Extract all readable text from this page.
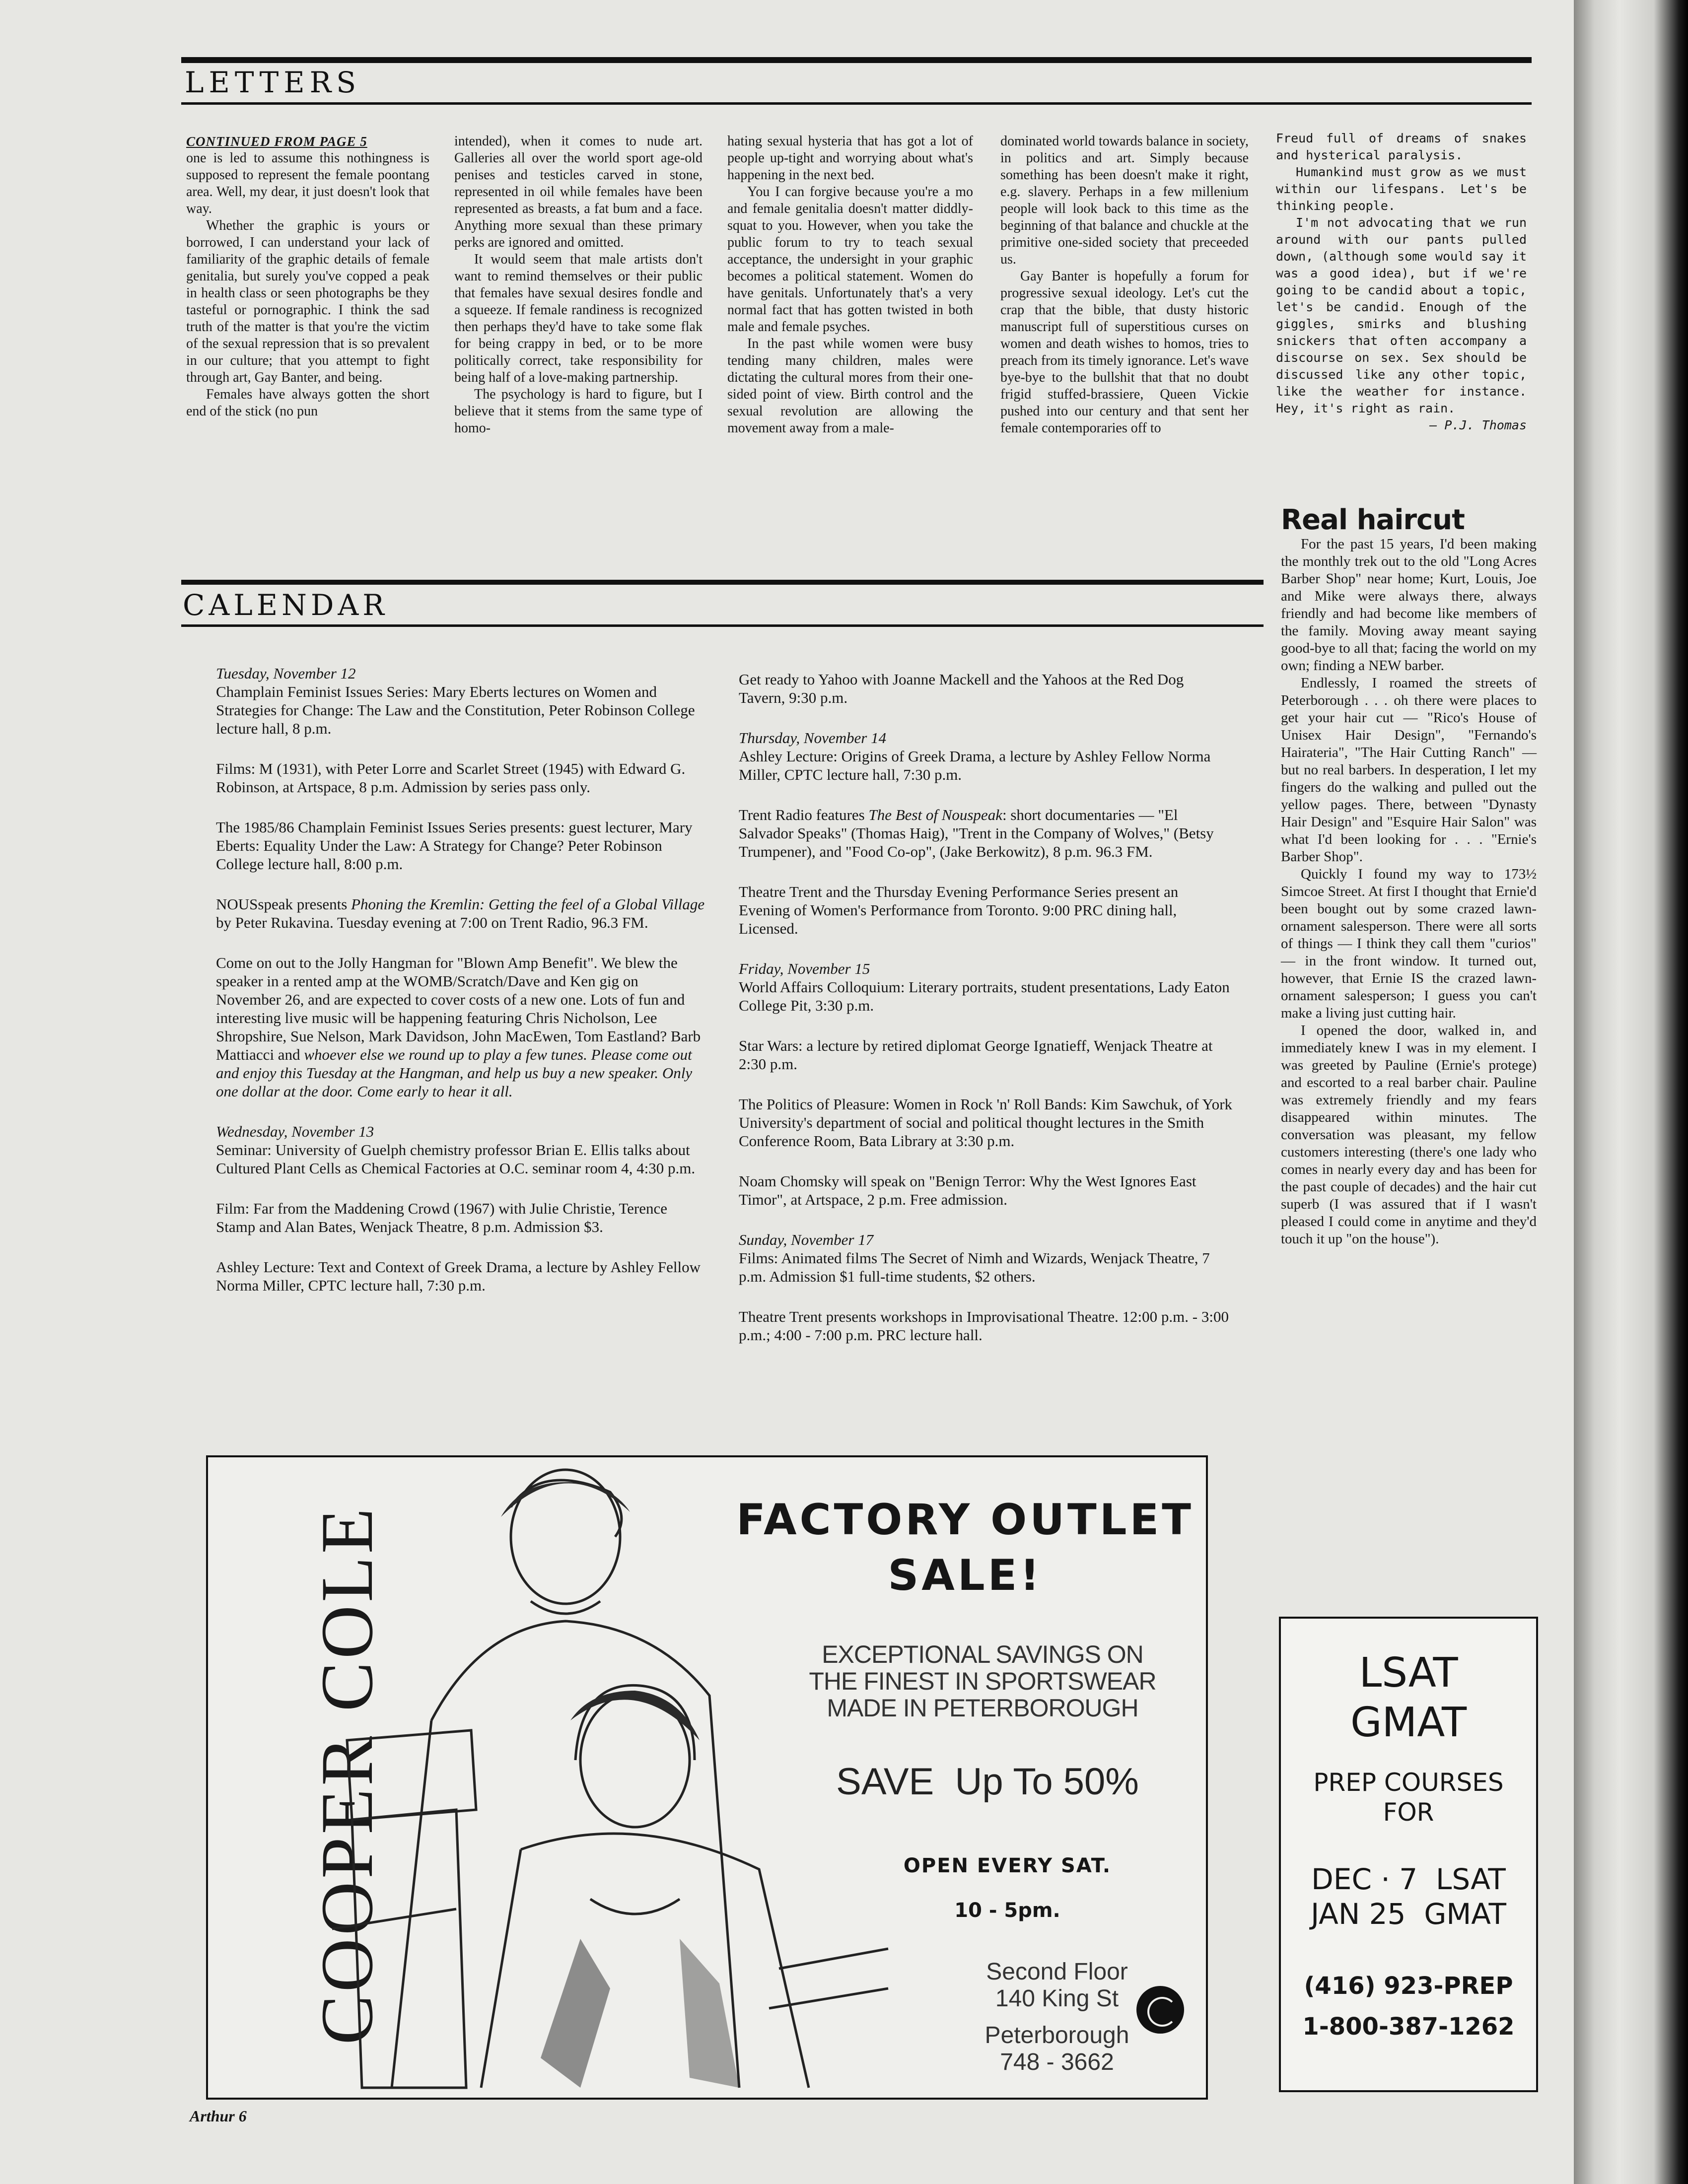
LETTERS

CONTINUED FROM PAGE 5

one is led to assume this nothingness is supposed to represent the female poontang area. Well, my dear, it just doesn't look that way.

Whether the graphic is yours or borrowed, I can understand your lack of familiarity of the graphic details of female genitalia, but surely you've copped a peak in health class or seen photographs be they tasteful or pornographic. I think the sad truth of the matter is that you're the victim of the sexual repression that is so prevalent in our culture; that you attempt to fight through art, Gay Banter, and being.

Females have always gotten the short end of the stick (no pun

intended), when it comes to nude art. Galleries all over the world sport age-old penises and testicles carved in stone, represented in oil while females have been represented as breasts, a fat bum and a face. Anything more sexual than these primary perks are ignored and omitted.

It would seem that male artists don't want to remind themselves or their public that females have sexual desires fondle and a squeeze. If female randiness is recognized then perhaps they'd have to take some flak for being crappy in bed, or to be more politically correct, take responsibility for being half of a love-making partnership.

The psychology is hard to figure, but I believe that it stems from the same type of homo-

hating sexual hysteria that has got a lot of people up-tight and worrying about what's happening in the next bed.

You I can forgive because you're a mo and female genitalia doesn't matter diddly-squat to you. However, when you take the public forum to try to teach sexual acceptance, the undersight in your graphic becomes a political statement. Women do have genitals. Unfortunately that's a very normal fact that has gotten twisted in both male and female psyches.

In the past while women were busy tending many children, males were dictating the cultural mores from their one-sided point of view. Birth control and the sexual revolution are allowing the movement away from a male-

dominated world towards balance in society, in politics and art. Simply because something has been doesn't make it right, e.g. slavery. Perhaps in a few millenium people will look back to this time as the beginning of that balance and chuckle at the primitive one-sided society that preceeded us.

Gay Banter is hopefully a forum for progressive sexual ideology. Let's cut the crap that the bible, that dusty historic manuscript full of superstitious curses on women and death wishes to homos, tries to preach from its timely ignorance. Let's wave bye-bye to the bullshit that that no doubt frigid stuffed-brassiere, Queen Vickie pushed into our century and that sent her female contemporaries off to

Freud full of dreams of snakes and hysterical paralysis.

Humankind must grow as we must within our lifespans. Let's be thinking people.

I'm not advocating that we run around with our pants pulled down, (although some would say it was a good idea), but if we're going to be candid about a topic, let's be candid. Enough of the giggles, smirks and blushing snickers that often accompany a discourse on sex. Sex should be discussed like any other topic, like the weather for instance. Hey, it's right as rain.

— P.J. Thomas

Real haircut

For the past 15 years, I'd been making the monthly trek out to the old "Long Acres Barber Shop" near home; Kurt, Louis, Joe and Mike were always there, always friendly and had become like members of the family. Moving away meant saying good-bye to all that; facing the world on my own; finding a NEW barber.

Endlessly, I roamed the streets of Peterborough . . . oh there were places to get your hair cut — "Rico's House of Unisex Hair Design", "Fernando's Hairateria", "The Hair Cutting Ranch" — but no real barbers. In desperation, I let my fingers do the walking and pulled out the yellow pages. There, between "Dynasty Hair Design" and "Esquire Hair Salon" was what I'd been looking for . . . "Ernie's Barber Shop".

Quickly I found my way to 173½ Simcoe Street. At first I thought that Ernie'd been bought out by some crazed lawn-ornament salesperson. There were all sorts of things — I think they call them "curios" — in the front window. It turned out, however, that Ernie IS the crazed lawn-ornament salesperson; I guess you can't make a living just cutting hair.

I opened the door, walked in, and immediately knew I was in my element. I was greeted by Pauline (Ernie's protege) and escorted to a real barber chair. Pauline was extremely friendly and my fears disappeared within minutes. The conversation was pleasant, my fellow customers interesting (there's one lady who comes in nearly every day and has been for the past couple of decades) and the hair cut superb (I was assured that if I wasn't pleased I could come in anytime and they'd touch it up "on the house").

CALENDAR
Tuesday, November 12
Champlain Feminist Issues Series: Mary Eberts lectures on Women and Strategies for Change: The Law and the Constitution, Peter Robinson College lecture hall, 8 p.m.
Films: M (1931), with Peter Lorre and Scarlet Street (1945) with Edward G. Robinson, at Artspace, 8 p.m. Admission by series pass only.
The 1985/86 Champlain Feminist Issues Series presents: guest lecturer, Mary Eberts: Equality Under the Law: A Strategy for Change? Peter Robinson College lecture hall, 8:00 p.m.
NOUSspeak presents Phoning the Kremlin: Getting the feel of a Global Village by Peter Rukavina. Tuesday evening at 7:00 on Trent Radio, 96.3 FM.
Come on out to the Jolly Hangman for "Blown Amp Benefit". We blew the speaker in a rented amp at the WOMB/Scratch/Dave and Ken gig on November 26, and are expected to cover costs of a new one. Lots of fun and interesting live music will be happening featuring Chris Nicholson, Lee Shropshire, Sue Nelson, Mark Davidson, John MacEwen, Tom Eastland? Barb Mattiacci and whoever else we round up to play a few tunes. Please come out and enjoy this Tuesday at the Hangman, and help us buy a new speaker. Only one dollar at the door. Come early to hear it all.
Wednesday, November 13
Seminar: University of Guelph chemistry professor Brian E. Ellis talks about Cultured Plant Cells as Chemical Factories at O.C. seminar room 4, 4:30 p.m.
Film: Far from the Maddening Crowd (1967) with Julie Christie, Terence Stamp and Alan Bates, Wenjack Theatre, 8 p.m. Admission $3.
Ashley Lecture: Text and Context of Greek Drama, a lecture by Ashley Fellow Norma Miller, CPTC lecture hall, 7:30 p.m.
Get ready to Yahoo with Joanne Mackell and the Yahoos at the Red Dog Tavern, 9:30 p.m.
Thursday, November 14
Ashley Lecture: Origins of Greek Drama, a lecture by Ashley Fellow Norma Miller, CPTC lecture hall, 7:30 p.m.
Trent Radio features The Best of Nouspeak: short documentaries — "El Salvador Speaks" (Thomas Haig), "Trent in the Company of Wolves," (Betsy Trumpener), and "Food Co-op", (Jake Berkowitz), 8 p.m. 96.3 FM.
Theatre Trent and the Thursday Evening Performance Series present an Evening of Women's Performance from Toronto. 9:00 PRC dining hall, Licensed.
Friday, November 15
World Affairs Colloquium: Literary portraits, student presentations, Lady Eaton College Pit, 3:30 p.m.
Star Wars: a lecture by retired diplomat George Ignatieff, Wenjack Theatre at 2:30 p.m.
The Politics of Pleasure: Women in Rock 'n' Roll Bands: Kim Sawchuk, of York University's department of social and political thought lectures in the Smith Conference Room, Bata Library at 3:30 p.m.
Noam Chomsky will speak on "Benign Terror: Why the West Ignores East Timor", at Artspace, 2 p.m. Free admission.
Sunday, November 17
Films: Animated films The Secret of Nimh and Wizards, Wenjack Theatre, 7 p.m. Admission $1 full-time students, $2 others.
Theatre Trent presents workshops in Improvisational Theatre. 12:00 p.m. - 3:00 p.m.; 4:00 - 7:00 p.m. PRC lecture hall.
COOPER COLE	FACTORY OUTLET
SALE!
EXCEPTIONAL SAVINGS ON
THE FINEST IN SPORTSWEAR
MADE IN PETERBOROUGH
SAVE  Up To 50%
OPEN EVERY SAT.
10 - 5pm.
Second Floor
140 King St
Peterborough
748 - 3662
LSAT
GMAT
PREP COURSES
FOR
DEC · 7  LSAT
JAN 25  GMAT
(416) 923-PREP
1-800-387-1262
Arthur 6
